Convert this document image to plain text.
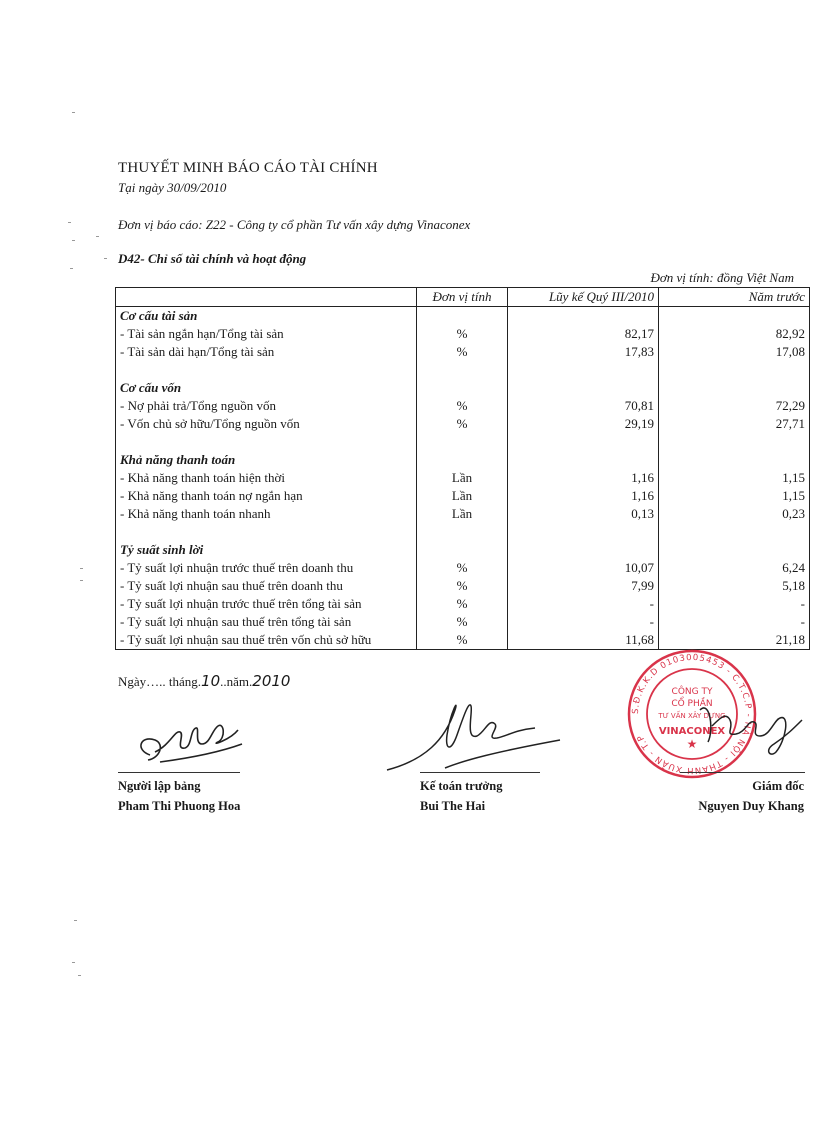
THUYẾT MINH BÁO CÁO TÀI CHÍNH
Tại ngày 30/09/2010
Đơn vị báo cáo: Z22 - Công ty cổ phần Tư vấn xây dựng Vinaconex
D42- Chỉ số tài chính và hoạt động
Đơn vị tính: đồng Việt Nam
	Đơn vị tính	Lũy kế Quý III/2010	Năm trước
Cơ cấu tài sản			
- Tài sản ngắn hạn/Tổng tài sản	%	82,17	82,92
- Tài sản dài hạn/Tổng tài sản	%	17,83	17,08

Cơ cấu vốn			
- Nợ phải trả/Tổng nguồn vốn	%	70,81	72,29
- Vốn chủ sở hữu/Tổng nguồn vốn	%	29,19	27,71

Khả năng thanh toán			
- Khả năng thanh toán hiện thời	Lần	1,16	1,15
- Khả năng thanh toán nợ ngắn hạn	Lần	1,16	1,15
- Khả năng thanh toán nhanh	Lần	0,13	0,23

Tỷ suất sinh lời			
- Tỷ suất lợi nhuận trước thuế trên doanh thu	%	10,07	6,24
- Tỷ suất lợi nhuận sau thuế trên doanh thu	%	7,99	5,18
- Tỷ suất lợi nhuận trước thuế trên tổng tài sản	%	-	-
- Tỷ suất lợi nhuận sau thuế trên tổng tài sản	%	-	-
- Tỷ suất lợi nhuận sau thuế trên vốn chủ sở hữu	%	11,68	21,18
Ngày….. tháng.10..năm.2010
S.Đ.K.K.D 0103005453 - C.T.C.P - HÀ NỘI - THANH XUÂN - T.P
CÔNG TY
CỔ PHẦN
TƯ VẤN XÂY DỰNG
VINACONEX
★
Người lập bảng
Pham Thi Phuong Hoa
Kế toán trưởng
Bui The Hai
Giám đốc
Nguyen Duy Khang
